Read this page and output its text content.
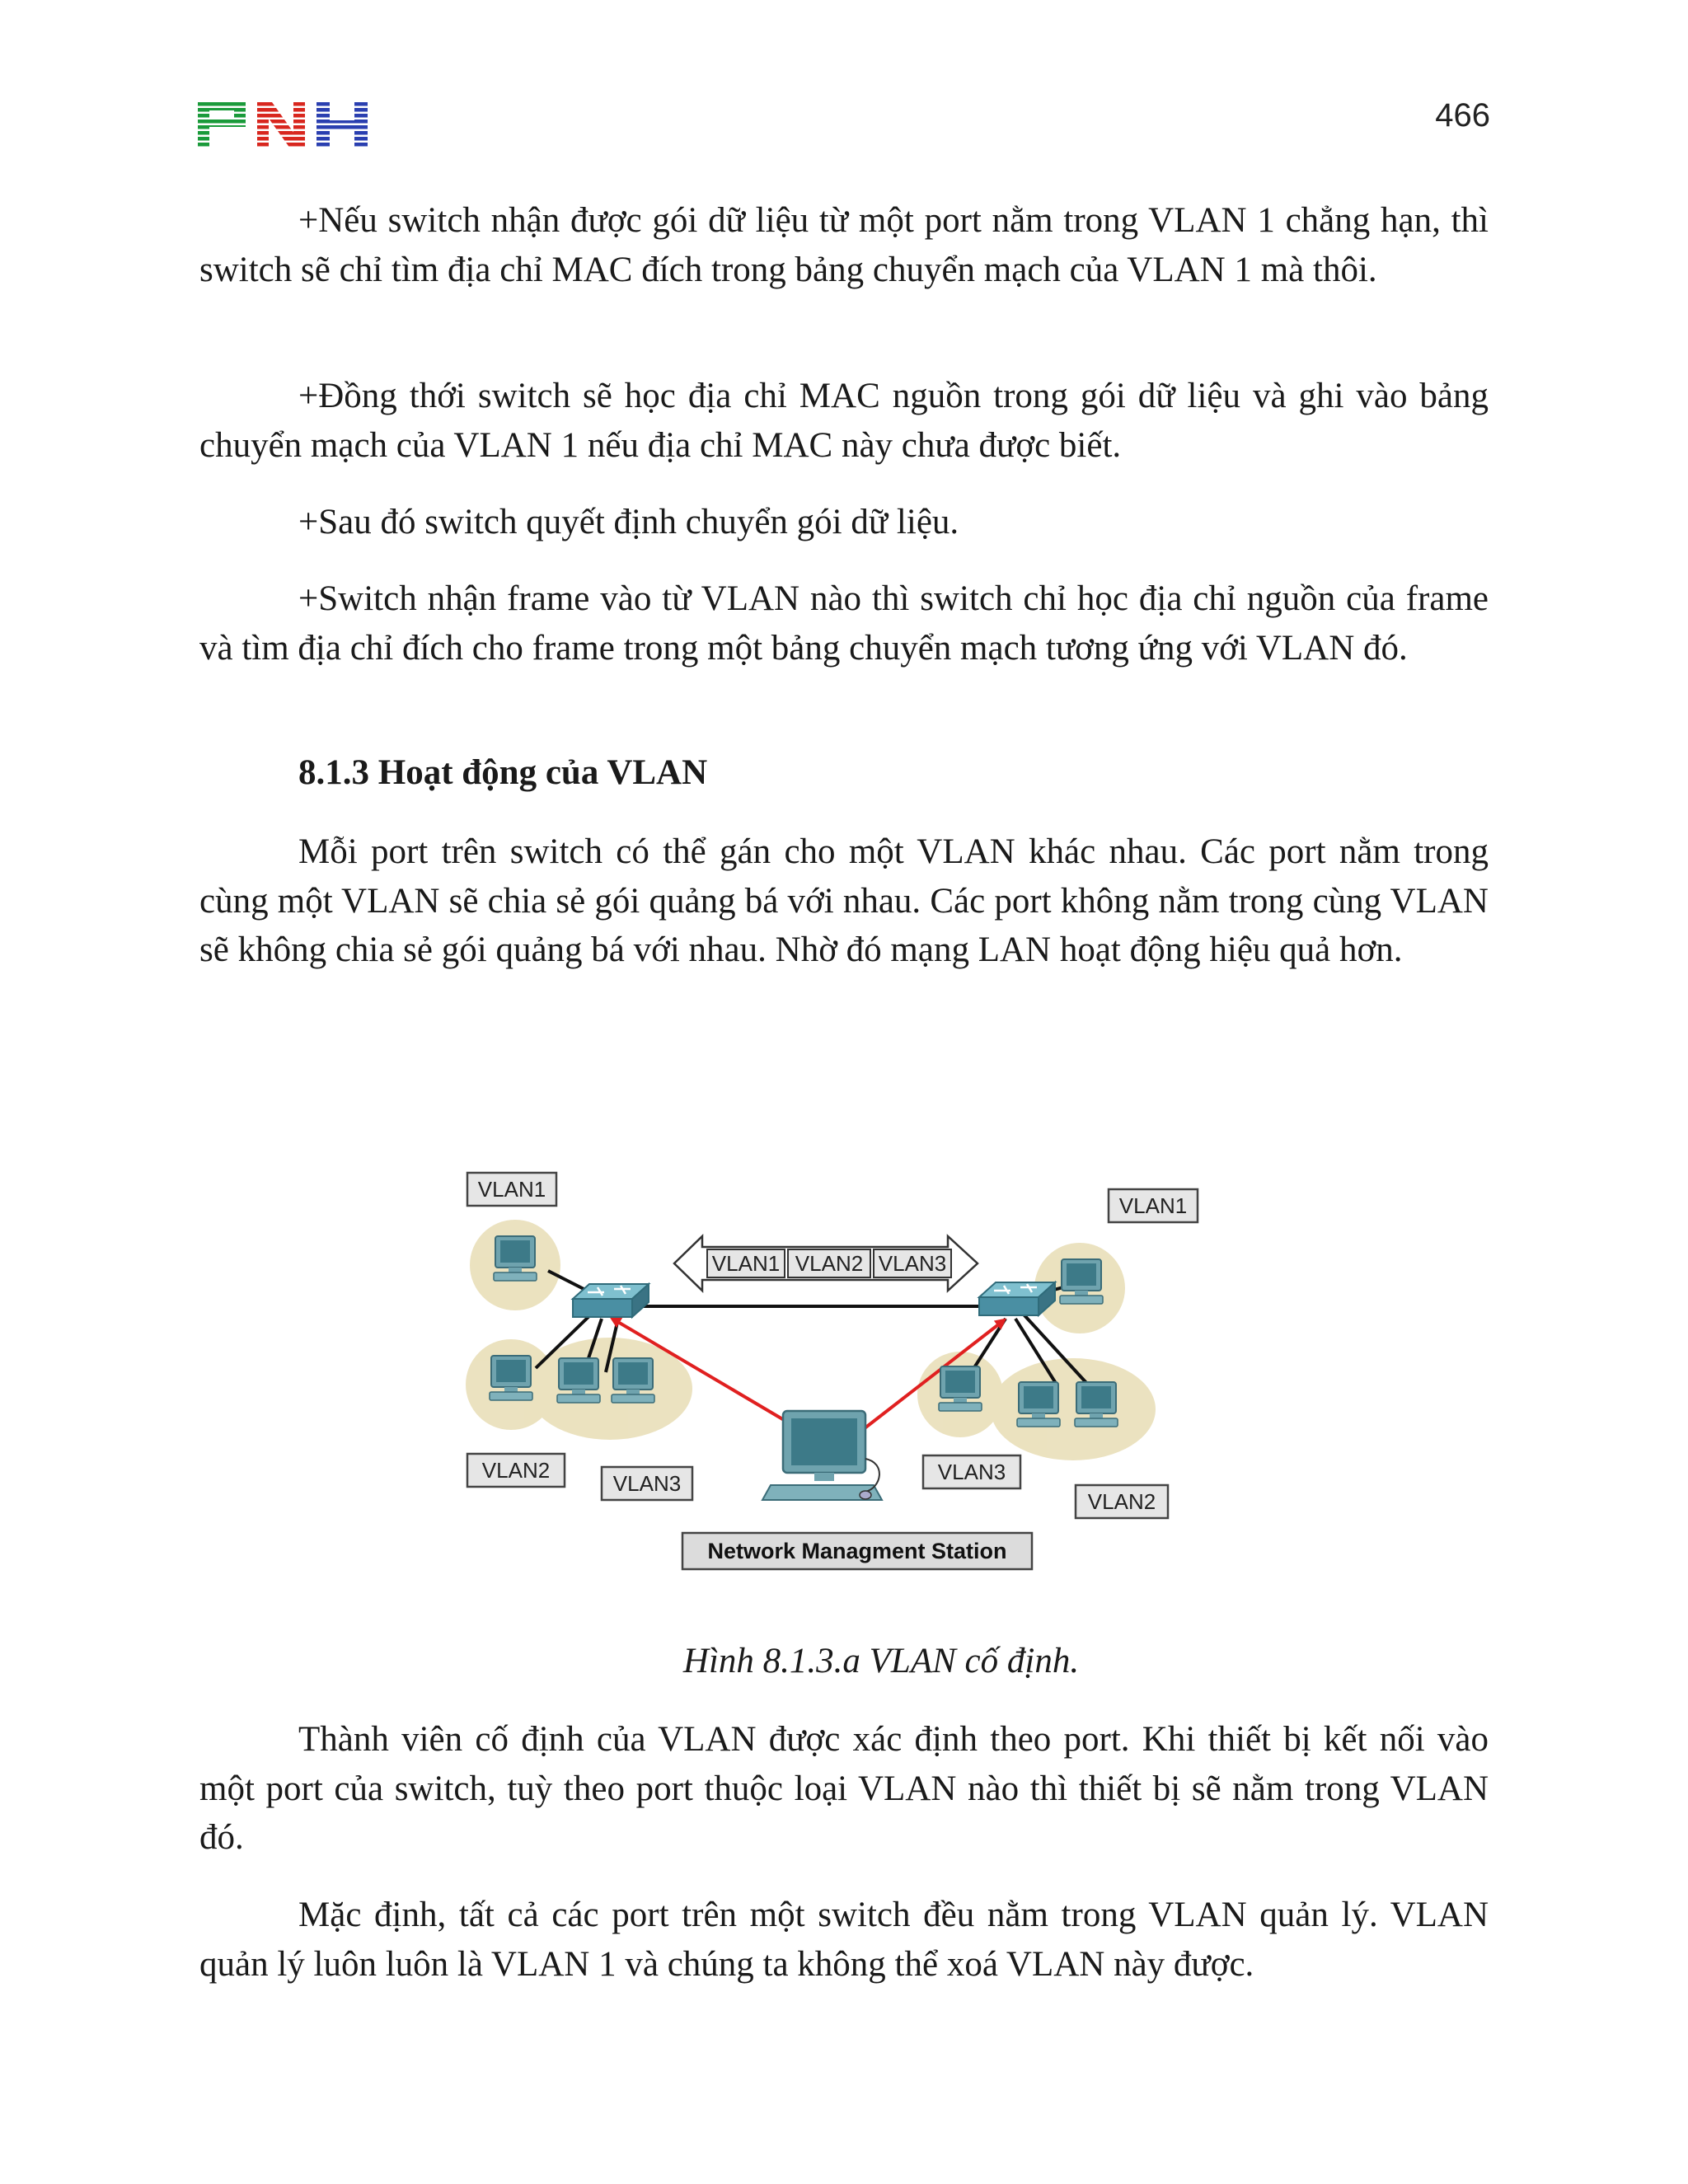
466

+Nếu switch nhận được gói dữ liệu từ một port nằm trong VLAN 1 chẳng hạn, thì switch sẽ chỉ tìm địa chỉ MAC đích trong bảng chuyển mạch của VLAN 1 mà thôi.

+Đồng thới switch sẽ học địa chỉ MAC nguồn trong gói dữ liệu và ghi vào bảng chuyển mạch của VLAN 1 nếu địa chỉ MAC này chưa được biết.

+Sau đó switch quyết định chuyển gói dữ liệu.

+Switch nhận frame vào từ VLAN nào thì switch chỉ học địa chỉ nguồn của frame và tìm địa chỉ đích cho frame trong một bảng chuyển mạch tương ứng với VLAN đó.

8.1.3 Hoạt động của VLAN

Mỗi port trên switch có thể gán cho một VLAN khác nhau. Các port nằm trong cùng một VLAN sẽ chia sẻ gói quảng bá với nhau. Các port không nằm trong cùng VLAN sẽ không chia sẻ gói quảng bá với nhau. Nhờ đó mạng LAN hoạt động hiệu quả hơn.

Thành viên cố định của VLAN được xác định theo port. Khi thiết bị kết nối vào một port của switch, tuỳ theo port thuộc loại VLAN nào thì thiết bị sẽ nằm trong VLAN đó.

Mặc định, tất cả các port trên một switch đều nằm trong VLAN quản lý. VLAN quản lý luôn luôn là VLAN 1 và chúng ta không thể xoá VLAN này được.

VLAN1 VLAN2 VLAN3
VLAN1
VLAN1
VLAN2
VLAN3	VLAN3
VLAN2
Network Managment Station
Hình 8.1.3.a VLAN cố định.
